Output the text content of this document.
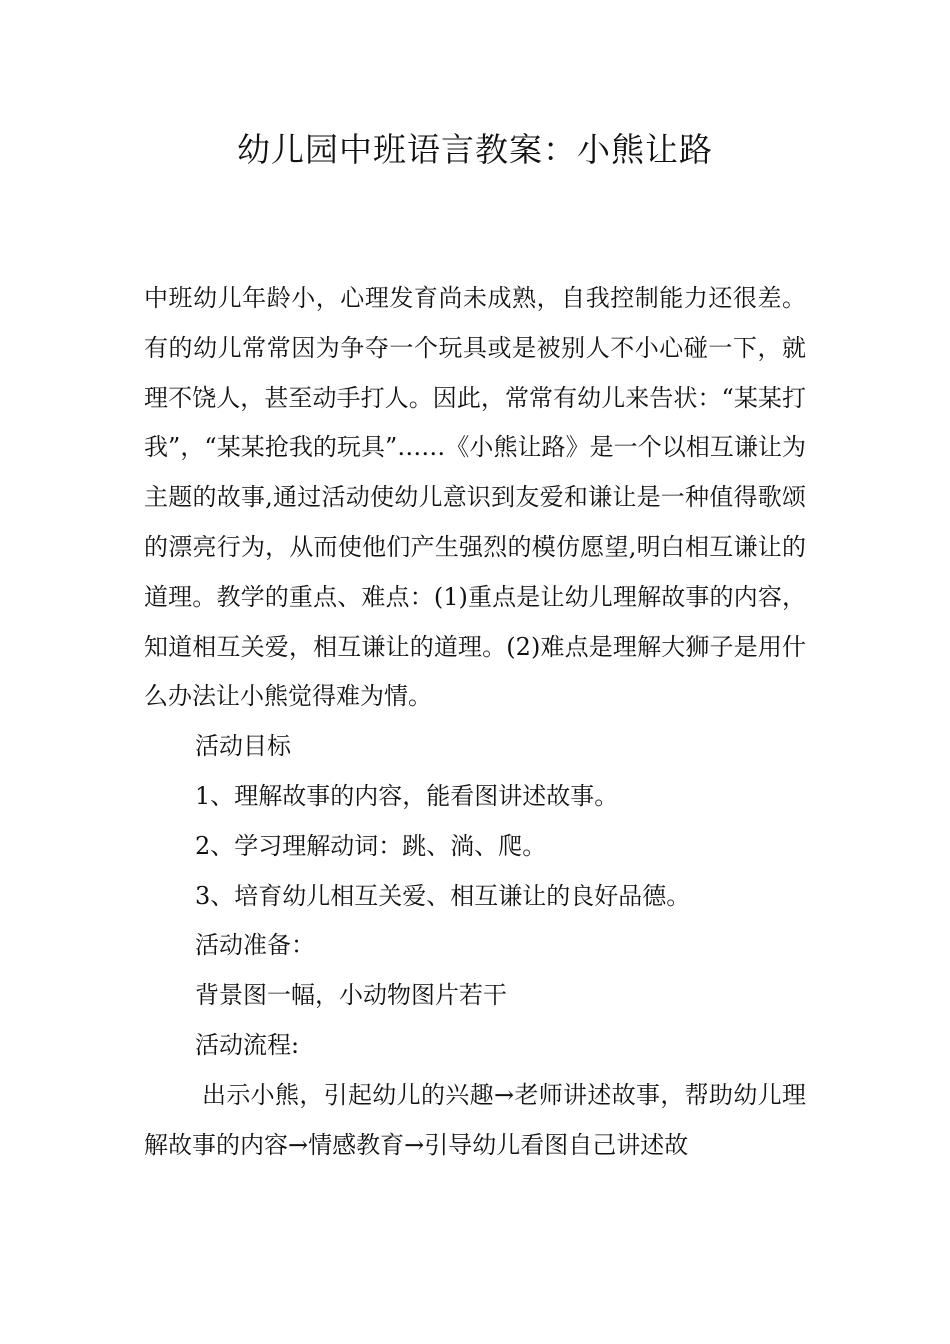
幼儿园中班语言教案：小熊让路

中班幼儿年龄小，心理发育尚未成熟，自我控制能力还很差。有的幼儿常常因为争夺一个玩具或是被别人不小心碰一下，就理不饶人，甚至动手打人。因此，常常有幼儿来告状：“某某打我”，“某某抢我的玩具”……《小熊让路》是一个以相互谦让为主题的故事,通过活动使幼儿意识到友爱和谦让是一种值得歌颂的漂亮行为，从而使他们产生强烈的模仿愿望,明白相互谦让的道理。教学的重点、难点：(1)重点是让幼儿理解故事的内容，知道相互关爱，相互谦让的道理。(2)难点是理解大狮子是用什么办法让小熊觉得难为情。

活动目标

1、理解故事的内容，能看图讲述故事。

2、学习理解动词：跳、淌、爬。

3、培育幼儿相互关爱、相互谦让的良好品德。

活动准备：

背景图一幅，小动物图片若干

活动流程:

出示小熊，引起幼儿的兴趣→老师讲述故事，帮助幼儿理解故事的内容→情感教育→引导幼儿看图自己讲述故
